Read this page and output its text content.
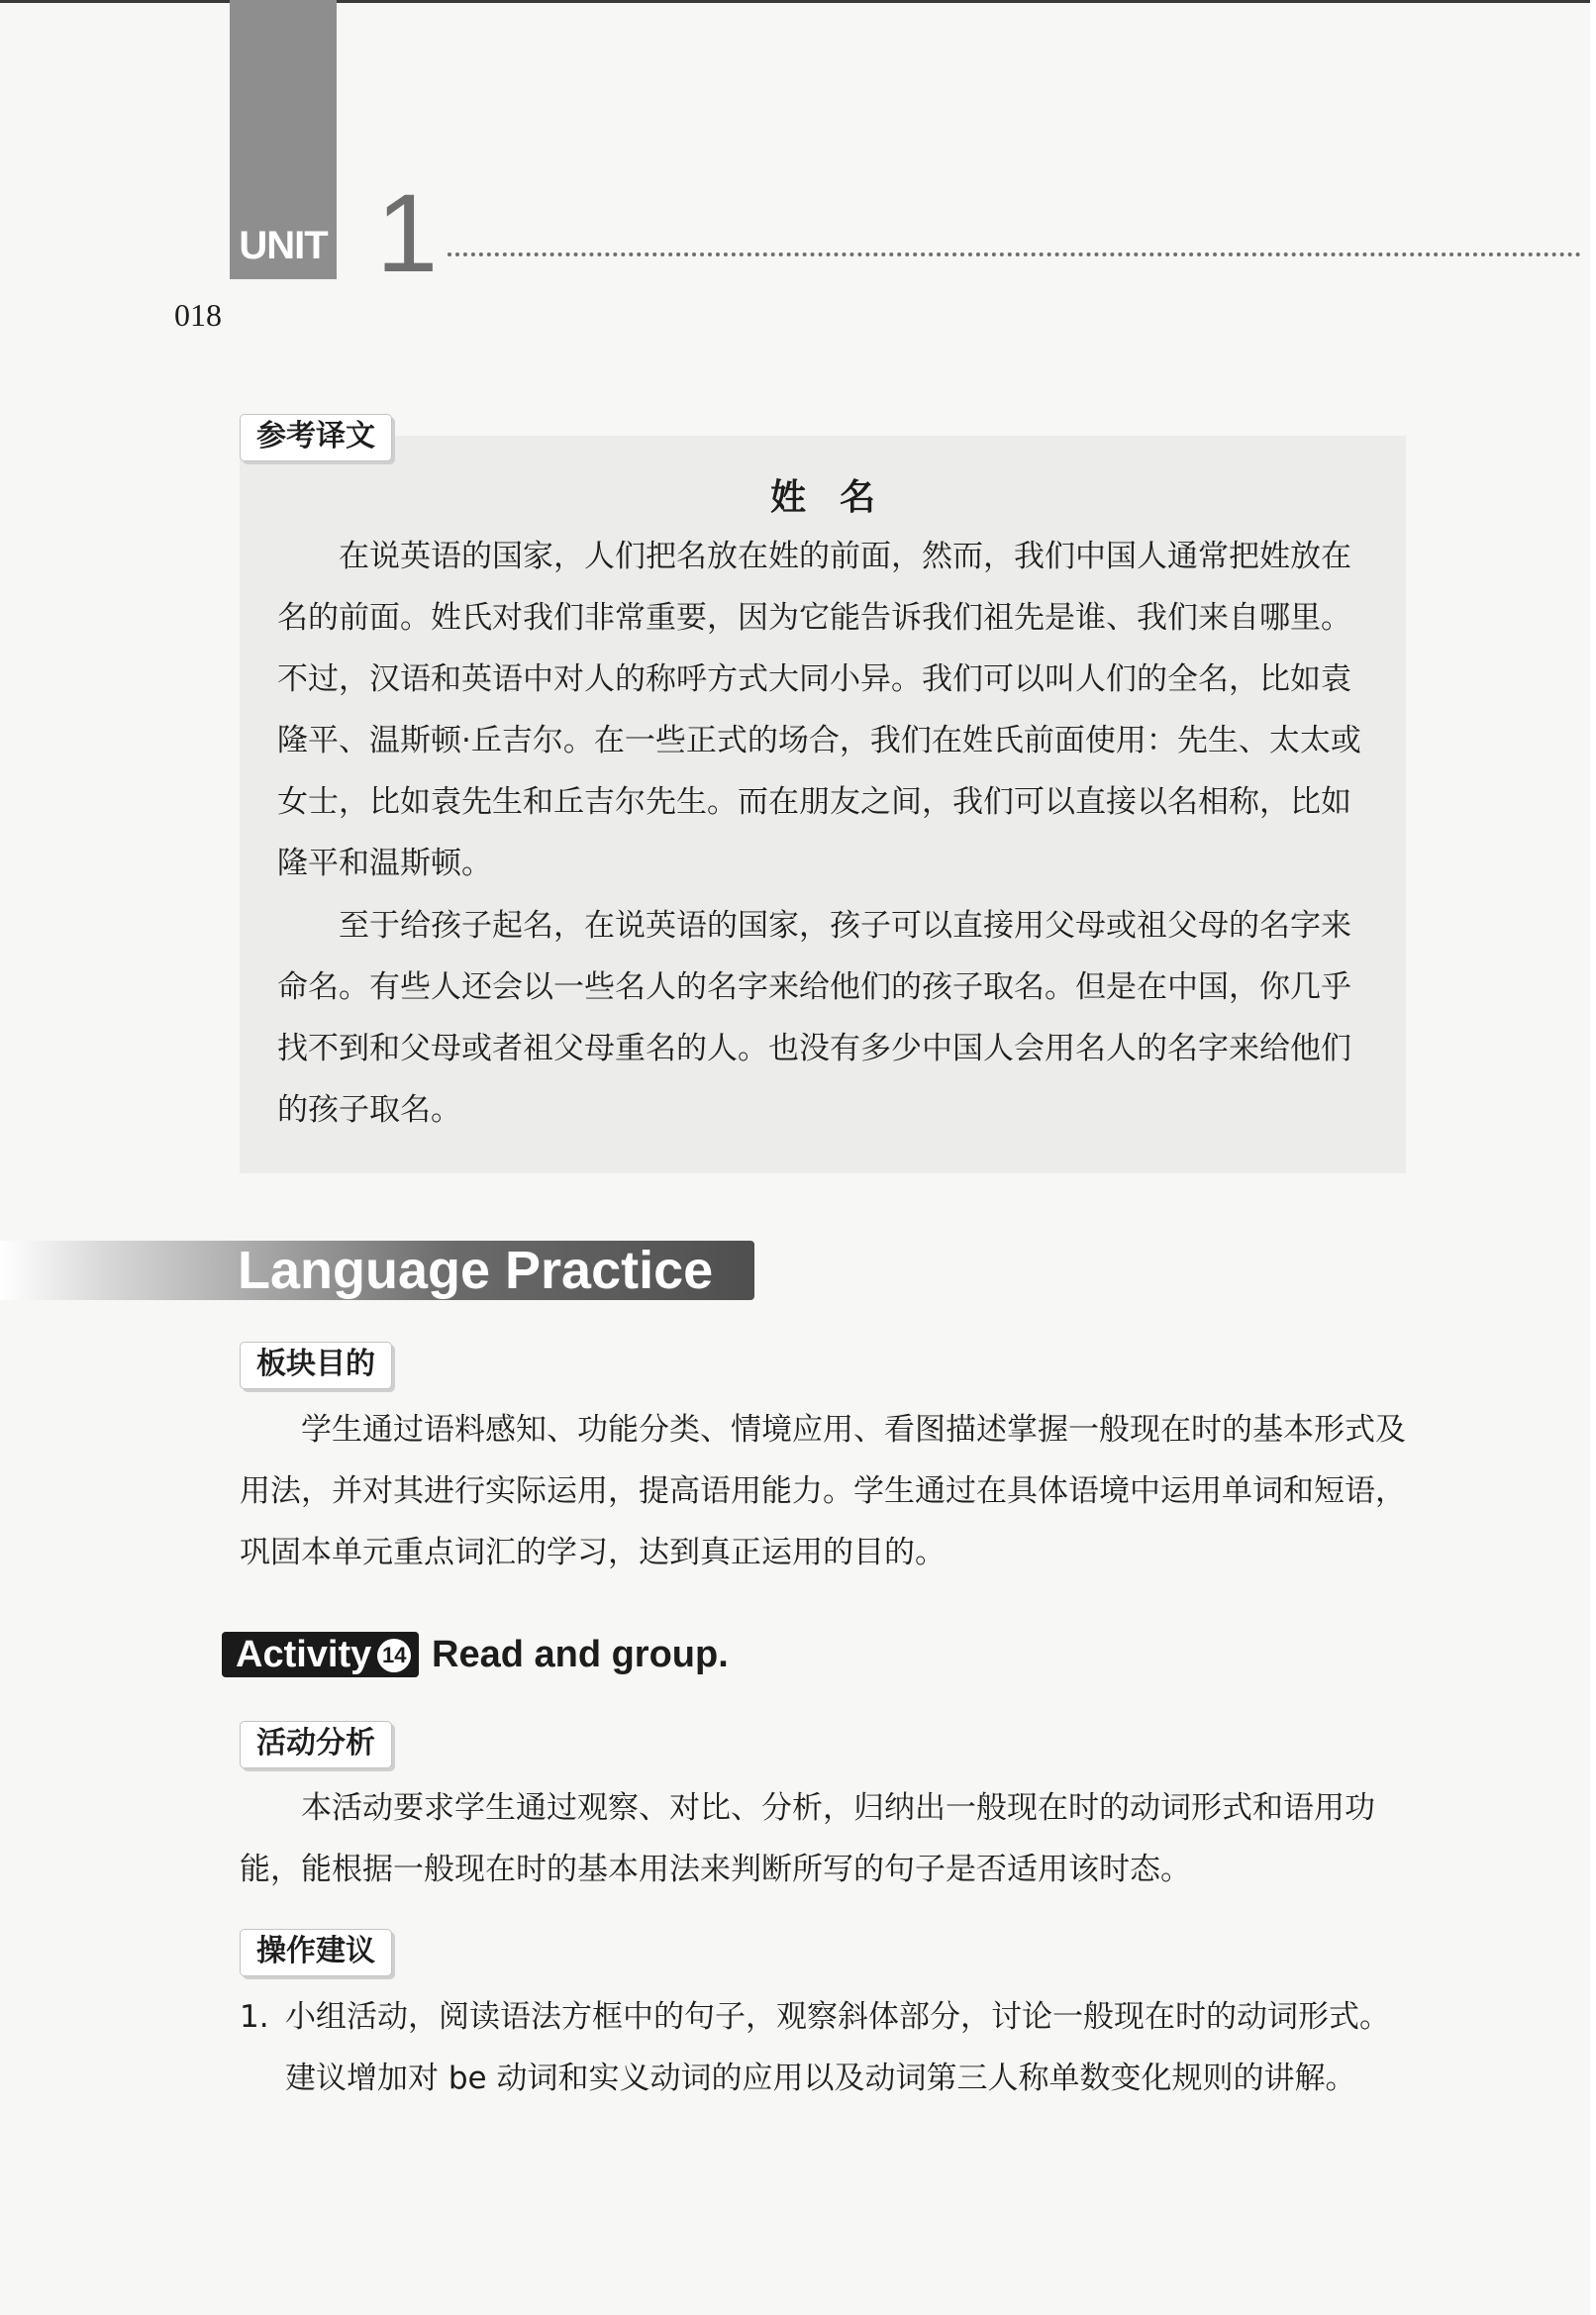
UNIT 1
018
参考译文
姓名

在说英语的国家，人们把名放在姓的前面，然而，我们中国人通常把姓放在名的前面。姓氏对我们非常重要，因为它能告诉我们祖先是谁、我们来自哪里。不过，汉语和英语中对人的称呼方式大同小异。我们可以叫人们的全名，比如袁隆平、温斯顿·丘吉尔。在一些正式的场合，我们在姓氏前面使用：先生、太太或女士，比如袁先生和丘吉尔先生。而在朋友之间，我们可以直接以名相称，比如隆平和温斯顿。

至于给孩子起名，在说英语的国家，孩子可以直接用父母或祖父母的名字来命名。有些人还会以一些名人的名字来给他们的孩子取名。但是在中国，你几乎找不到和父母或者祖父母重名的人。也没有多少中国人会用名人的名字来给他们的孩子取名。

Language Practice
板块目的

学生通过语料感知、功能分类、情境应用、看图描述掌握一般现在时的基本形式及用法，并对其进行实际运用，提高语用能力。学生通过在具体语境中运用单词和短语，巩固本单元重点词汇的学习，达到真正运用的目的。

Activity 14 Read and group.
活动分析

本活动要求学生通过观察、对比、分析，归纳出一般现在时的动词形式和语用功能，能根据一般现在时的基本用法来判断所写的句子是否适用该时态。

操作建议
1. 小组活动，阅读语法方框中的句子，观察斜体部分，讨论一般现在时的动词形式。建议增加对 be 动词和实义动词的应用以及动词第三人称单数变化规则的讲解。
